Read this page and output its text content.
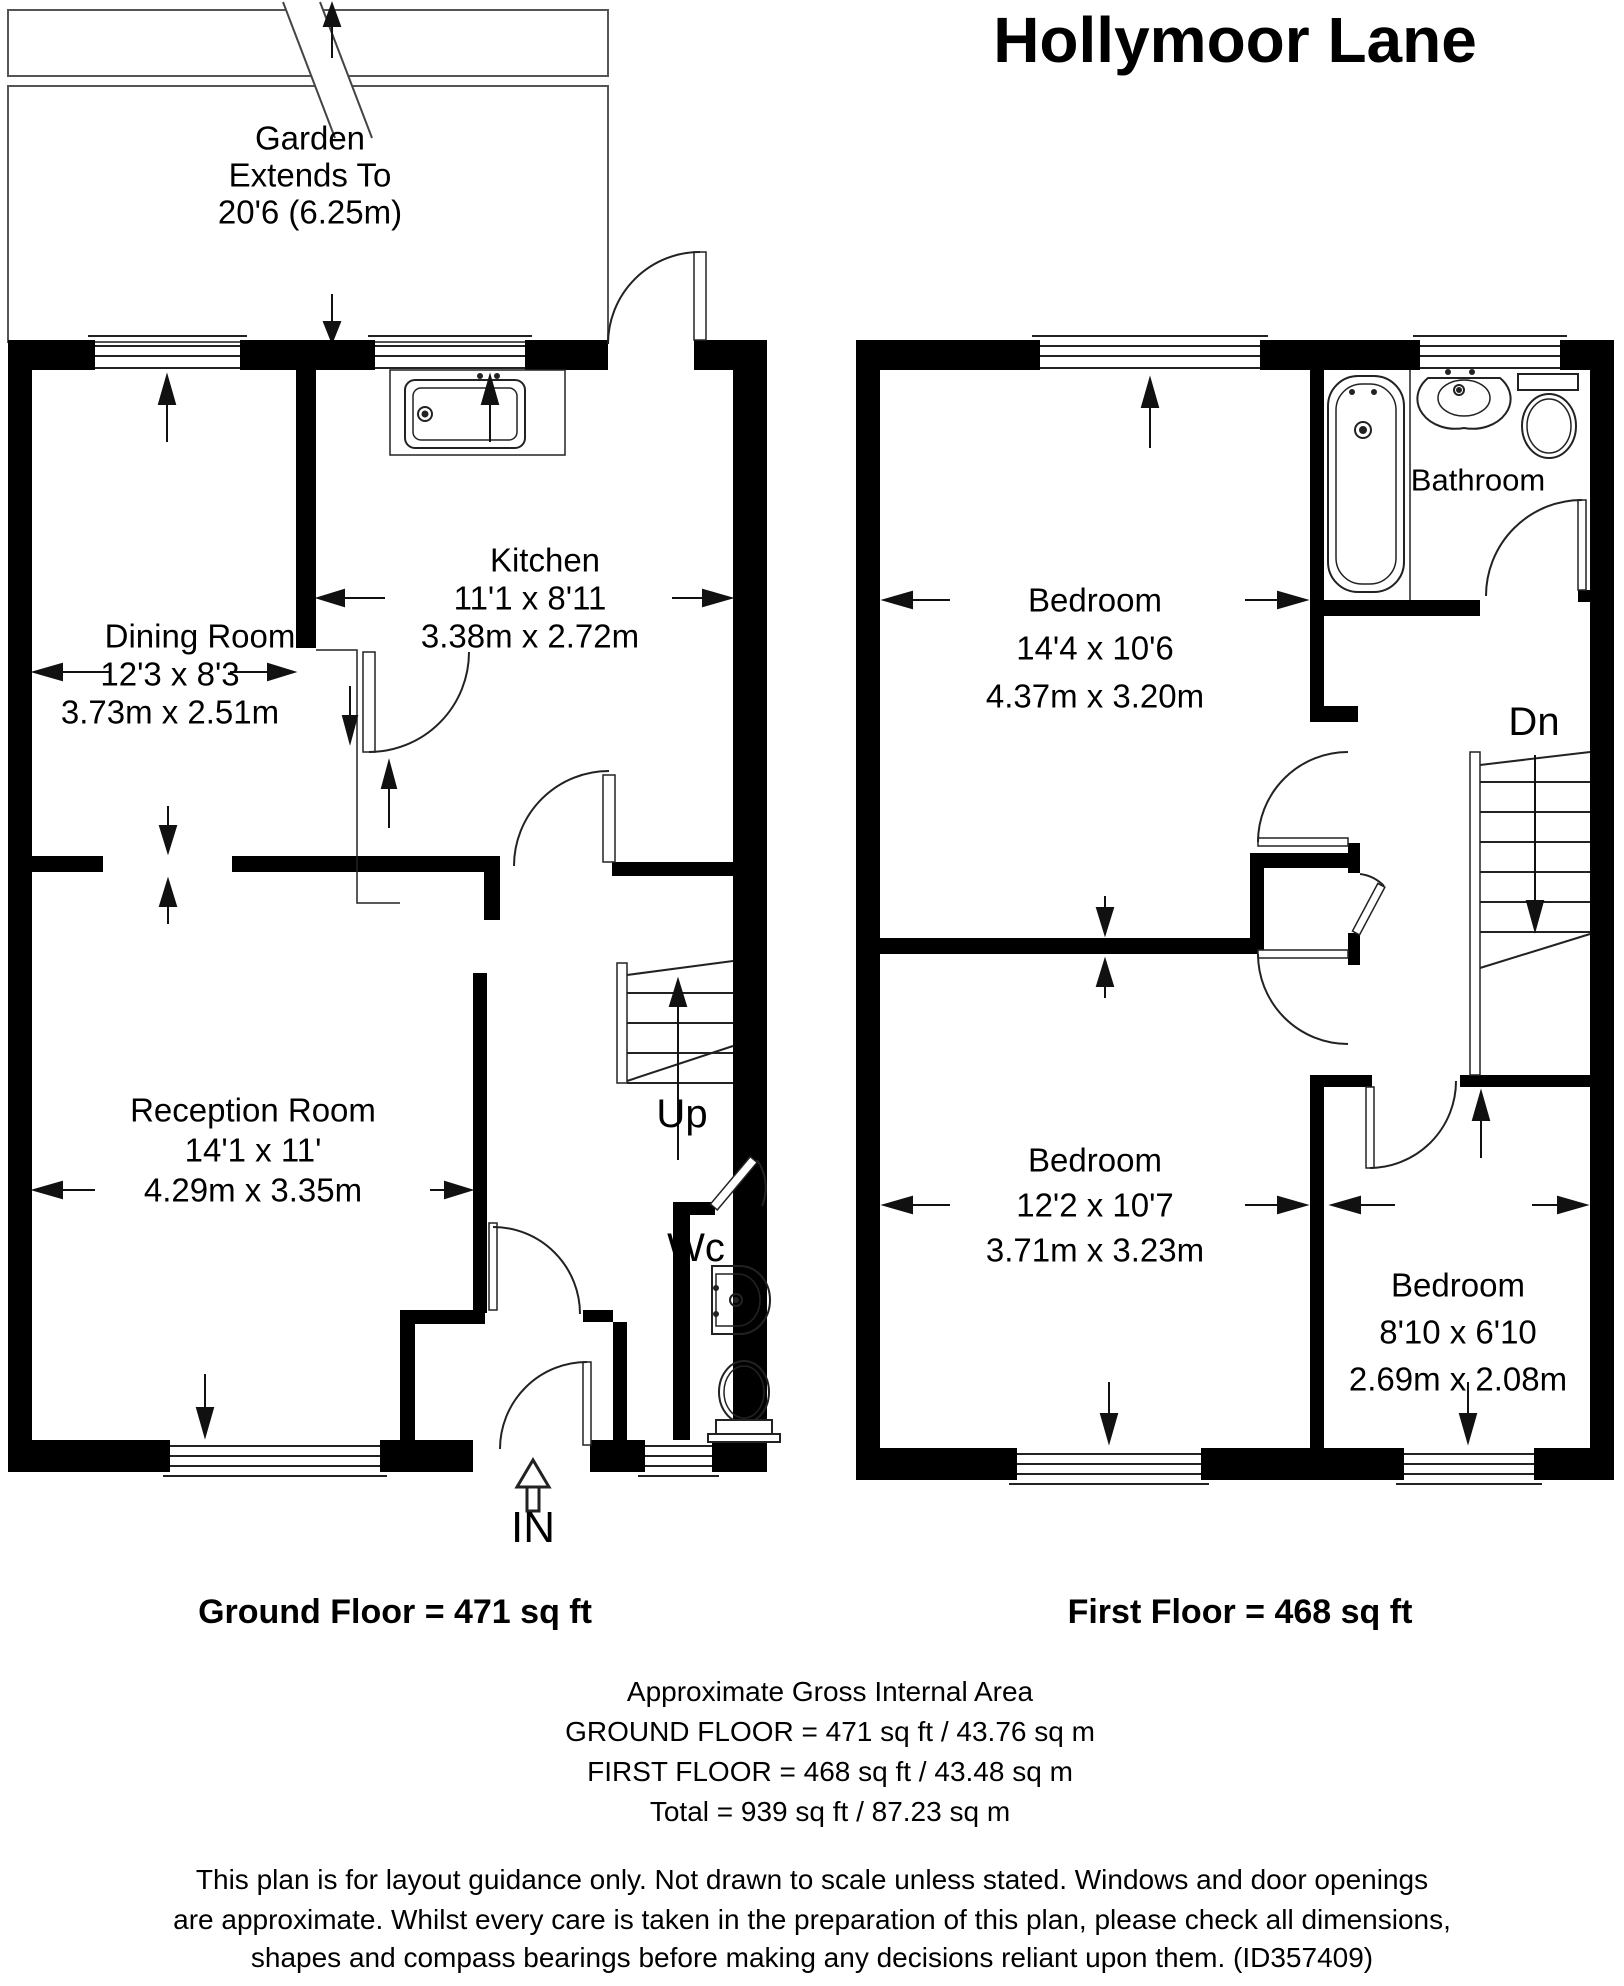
Hollymoor Lane
Garden
Extends To
20'6 (6.25m)
Dining Room
12'3 x 8'3
3.73m x 2.51m
Kitchen
11'1 x 8'11
3.38m x 2.72m
Reception Room
14'1 x 11'
4.29m x 3.35m
Up
Wc
IN
Bedroom
14'4 x 10'6
4.37m x 3.20m
Bathroom
Dn
Bedroom
12'2 x 10'7
3.71m x 3.23m
Bedroom
8'10 x 6'10
2.69m x 2.08m
Ground Floor = 471 sq ft	First Floor = 468 sq ft
Approximate Gross Internal Area
GROUND FLOOR = 471 sq ft / 43.76 sq m
FIRST FLOOR = 468 sq ft / 43.48 sq m
Total = 939 sq ft / 87.23 sq m
This plan is for layout guidance only. Not drawn to scale unless stated. Windows and door openings
are approximate. Whilst every care is taken in the preparation of this plan, please check all dimensions,
shapes and compass bearings before making any decisions reliant upon them. (ID357409)
